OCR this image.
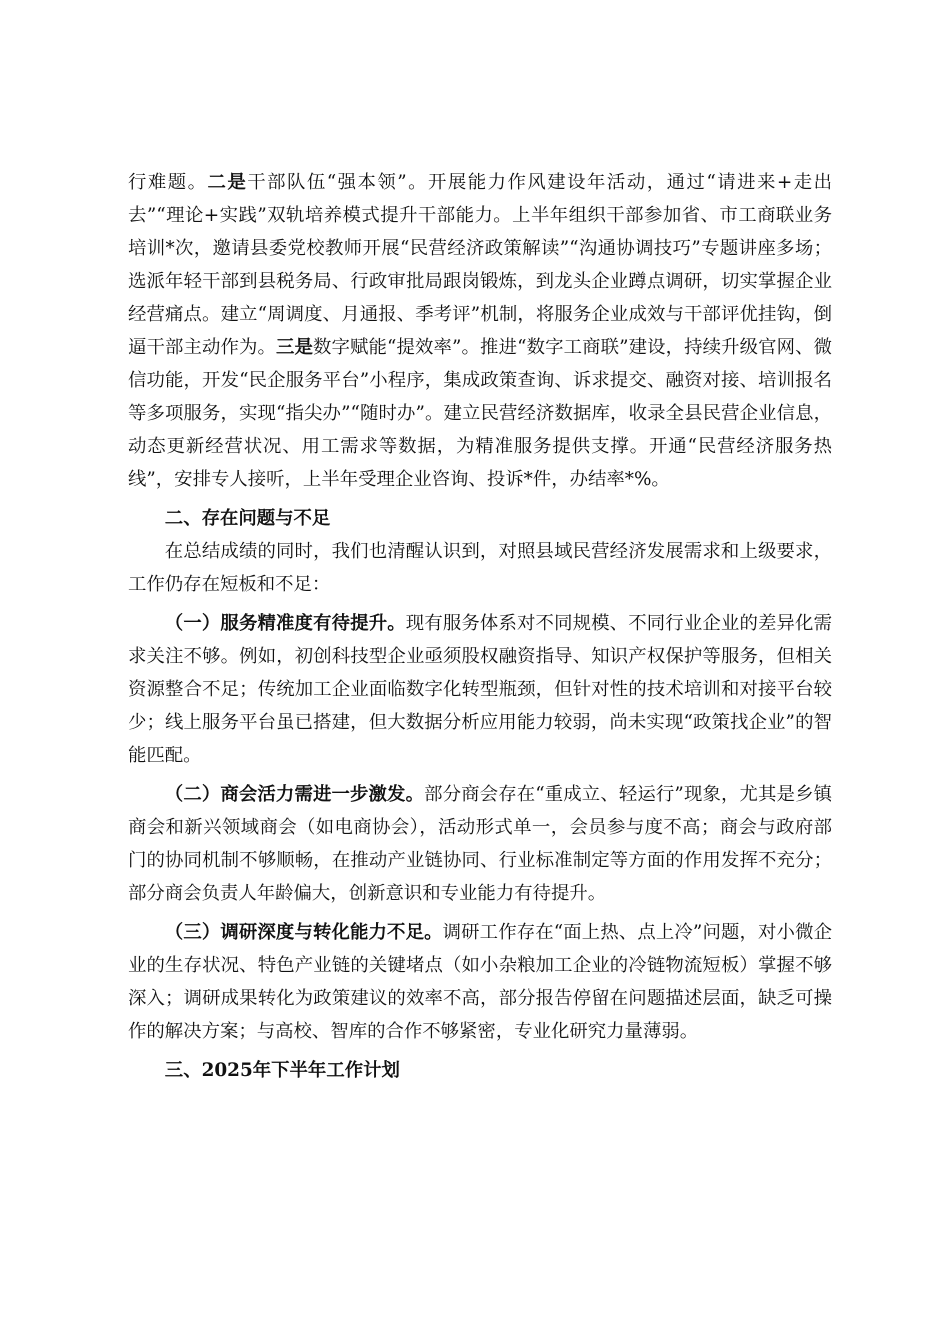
行难题。二是干部队伍“强本领”。开展能力作风建设年活动，通过“请进来+走出去”“理论+实践”双轨培养模式提升干部能力。上半年组织干部参加省、市工商联业务培训*次，邀请县委党校教师开展“民营经济政策解读”“沟通协调技巧”专题讲座多场；选派年轻干部到县税务局、行政审批局跟岗锻炼，到龙头企业蹲点调研，切实掌握企业经营痛点。建立“周调度、月通报、季考评”机制，将服务企业成效与干部评优挂钩，倒逼干部主动作为。三是数字赋能“提效率”。推进“数字工商联”建设，持续升级官网、微信功能，开发“民企服务平台”小程序，集成政策查询、诉求提交、融资对接、培训报名等多项服务，实现“指尖办”“随时办”。建立民营经济数据库，收录全县民营企业信息，动态更新经营状况、用工需求等数据，为精准服务提供支撑。开通“民营经济服务热线”，安排专人接听，上半年受理企业咨询、投诉*件，办结率*%。

二、存在问题与不足

在总结成绩的同时，我们也清醒认识到，对照县域民营经济发展需求和上级要求，工作仍存在短板和不足：

（一）服务精准度有待提升。现有服务体系对不同规模、不同行业企业的差异化需求关注不够。例如，初创科技型企业亟须股权融资指导、知识产权保护等服务，但相关资源整合不足；传统加工企业面临数字化转型瓶颈，但针对性的技术培训和对接平台较少；线上服务平台虽已搭建，但大数据分析应用能力较弱，尚未实现“政策找企业”的智能匹配。

（二）商会活力需进一步激发。部分商会存在“重成立、轻运行”现象，尤其是乡镇商会和新兴领域商会（如电商协会），活动形式单一，会员参与度不高；商会与政府部门的协同机制不够顺畅，在推动产业链协同、行业标准制定等方面的作用发挥不充分；部分商会负责人年龄偏大，创新意识和专业能力有待提升。

（三）调研深度与转化能力不足。调研工作存在“面上热、点上冷”问题，对小微企业的生存状况、特色产业链的关键堵点（如小杂粮加工企业的冷链物流短板）掌握不够深入；调研成果转化为政策建议的效率不高，部分报告停留在问题描述层面，缺乏可操作的解决方案；与高校、智库的合作不够紧密，专业化研究力量薄弱。

三、2025年下半年工作计划
